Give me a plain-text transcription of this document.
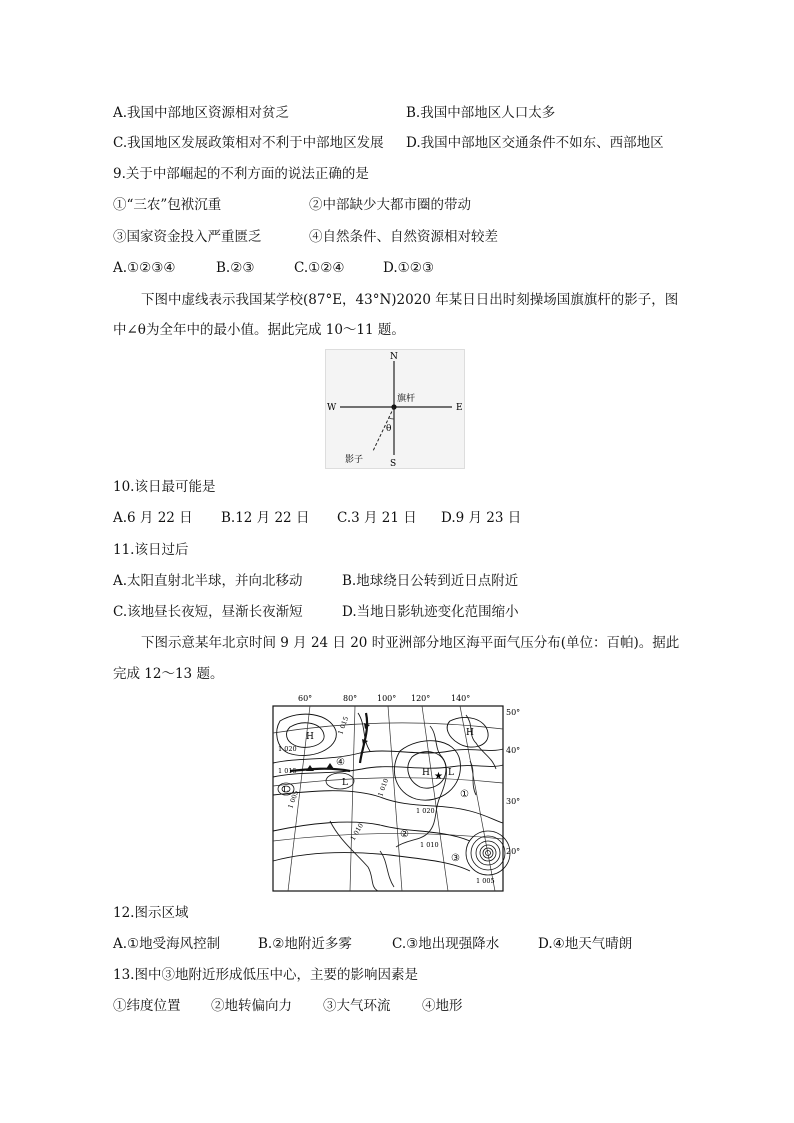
A.我国中部地区资源相对贫乏	B.我国中部地区人口太多
C.我国地区发展政策相对不利于中部地区发展 D.我国中部地区交通条件不如东、西部地区
9.关于中部崛起的不利方面的说法正确的是
①“三农”包袱沉重	②中部缺少大都市圈的带动
③国家资金投入严重匮乏	④自然条件、自然资源相对较差
A.①②③④	B.②③	C.①②④	D.①②③
下图中虚线表示我国某学校(87°E，43°N)2020 年某日日出时刻操场国旗旗杆的影子，图
中∠θ为全年中的最小值。据此完成 10～11 题。
N
S
W	E
旗杆
θ
影子
10.该日最可能是
A.6 月 22 日 B.12 月 22 日 C.3 月 21 日 D.9 月 23 日
11.该日过后
A.太阳直射北半球，并向北移动	B.地球绕日公转到近日点附近
C.该地昼长夜短，昼渐长夜渐短	D.当地日影轨迹变化范围缩小
下图示意某年北京时间 9 月 24 日 20 时亚洲部分地区海平面气压分布(单位：百帕)。据此
完成 12～13 题。
60°	80° 100° 120°	140°
50°
40°
30°
20°
1 020
1 015
1 015
1 010
1 010
1 020
1 010
1 005
1 005
H
H
H
L
L
L
★
①
②
③
④
12.图示区域
A.①地受海风控制	B.②地附近多雾	C.③地出现强降水	D.④地天气晴朗
13.图中③地附近形成低压中心，主要的影响因素是
①纬度位置 ②地转偏向力 ③大气环流 ④地形
